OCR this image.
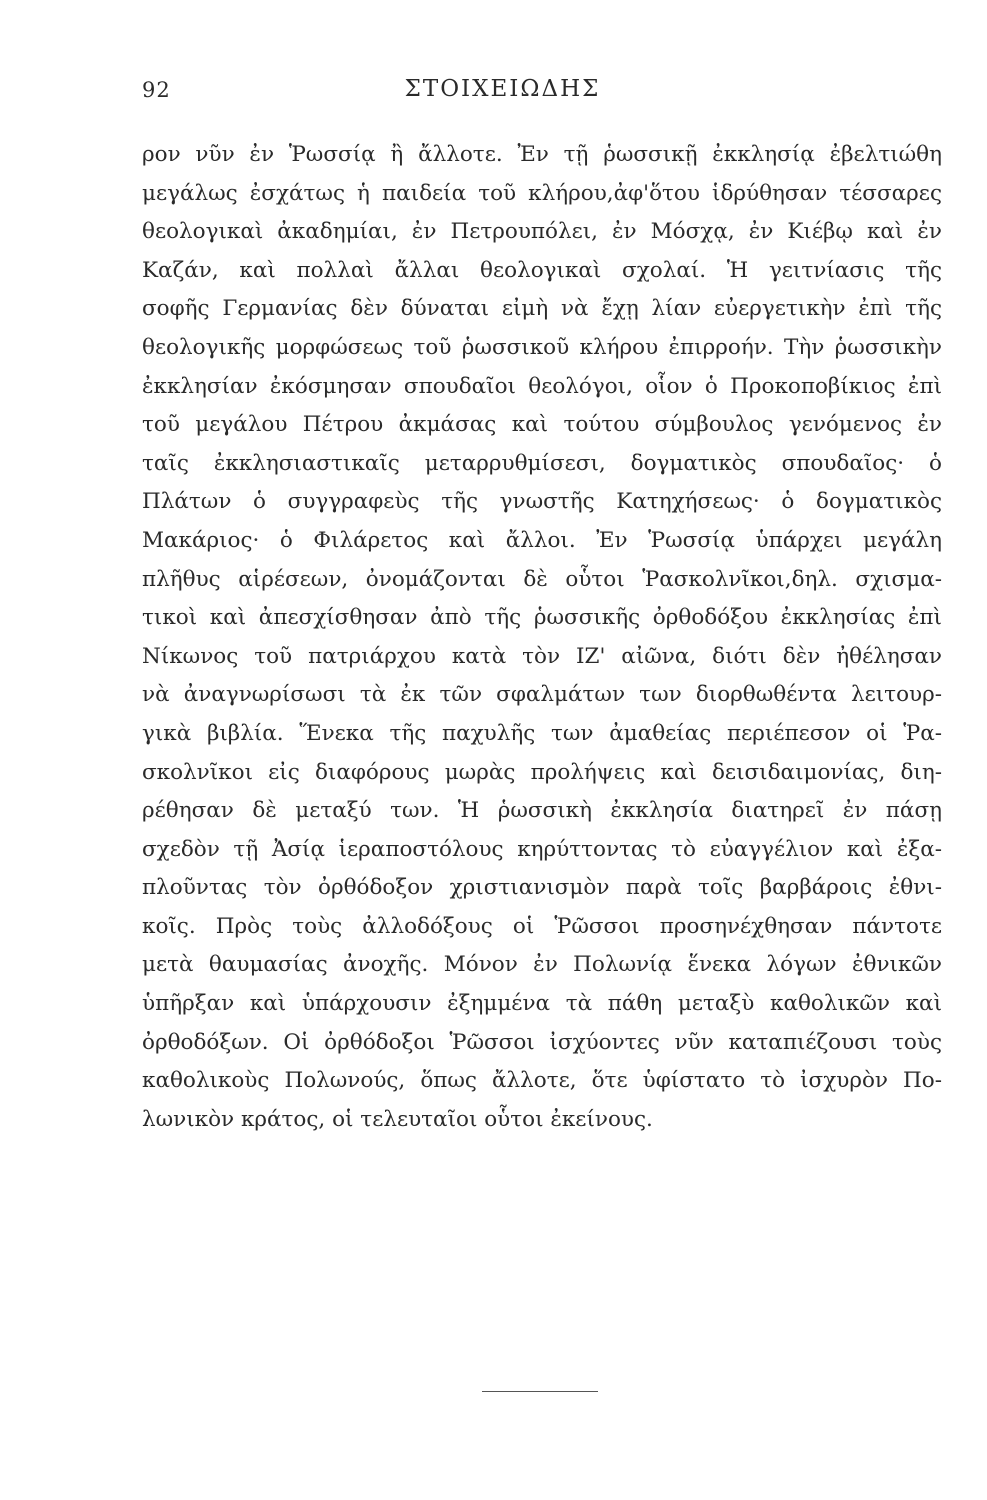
92	ΣΤΟΙΧΕΙΩΔΗΣ
ρον νῦν ἐν Ῥωσσίᾳ ἢ ἄλλοτε. Ἐν τῇ ῥωσσικῇ ἐκκλησίᾳ ἐβελτιώθη
μεγάλως ἐσχάτως ἡ παιδεία τοῦ κλήρου,ἀφ'ὅτου ἱδρύθησαν τέσσαρες
θεολογικαὶ ἀκαδημίαι, ἐν Πετρουπόλει, ἐν Μόσχᾳ, ἐν Κιέβῳ καὶ ἐν
Καζάν, καὶ πολλαὶ ἄλλαι θεολογικαὶ σχολαί. Ἡ γειτνίασις τῆς
σοφῆς Γερμανίας δὲν δύναται εἰμὴ νὰ ἔχῃ λίαν εὐεργετικὴν ἐπὶ τῆς
θεολογικῆς μορφώσεως τοῦ ῥωσσικοῦ κλήρου ἐπιρροήν. Τὴν ῥωσσικὴν
ἐκκλησίαν ἐκόσμησαν σπουδαῖοι θεολόγοι, οἷον ὁ Προκοποβίκιος ἐπὶ
τοῦ μεγάλου Πέτρου ἀκμάσας καὶ τούτου σύμβουλος γενόμενος ἐν
ταῖς ἐκκλησιαστικαῖς μεταρρυθμίσεσι, δογματικὸς σπουδαῖος· ὁ
Πλάτων ὁ συγγραφεὺς τῆς γνωστῆς Κατηχήσεως· ὁ δογματικὸς
Μακάριος· ὁ Φιλάρετος καὶ ἄλλοι. Ἐν Ῥωσσίᾳ ὑπάρχει μεγάλη
πλῆθυς αἱρέσεων, ὀνομάζονται δὲ οὗτοι Ῥασκολνῖκοι,δηλ. σχισμα-
τικοὶ καὶ ἀπεσχίσθησαν ἀπὸ τῆς ῥωσσικῆς ὀρθοδόξου ἐκκλησίας ἐπὶ
Νίκωνος τοῦ πατριάρχου κατὰ τὸν ΙΖ' αἰῶνα, διότι δὲν ἠθέλησαν
νὰ ἀναγνωρίσωσι τὰ ἐκ τῶν σφαλμάτων των διορθωθέντα λειτουρ-
γικὰ βιβλία. Ἕνεκα τῆς παχυλῆς των ἀμαθείας περιέπεσον οἱ Ῥα-
σκολνῖκοι εἰς διαφόρους μωρὰς προλήψεις καὶ δεισιδαιμονίας, διη-
ρέθησαν δὲ μεταξύ των. Ἡ ῥωσσικὴ ἐκκλησία διατηρεῖ ἐν πάσῃ
σχεδὸν τῇ Ἀσίᾳ ἱεραποστόλους κηρύττοντας τὸ εὐαγγέλιον καὶ ἐξα-
πλοῦντας τὸν ὀρθόδοξον χριστιανισμὸν παρὰ τοῖς βαρβάροις ἐθνι-
κοῖς. Πρὸς τοὺς ἀλλοδόξους οἱ Ῥῶσσοι προσηνέχθησαν πάντοτε
μετὰ θαυμασίας ἀνοχῆς. Μόνον ἐν Πολωνίᾳ ἕνεκα λόγων ἐθνικῶν
ὑπῆρξαν καὶ ὑπάρχουσιν ἐξημμένα τὰ πάθη μεταξὺ καθολικῶν καὶ
ὀρθοδόξων. Οἱ ὀρθόδοξοι Ῥῶσσοι ἰσχύοντες νῦν καταπιέζουσι τοὺς
καθολικοὺς Πολωνούς, ὅπως ἄλλοτε, ὅτε ὑφίστατο τὸ ἰσχυρὸν Πο-
λωνικὸν κράτος, οἱ τελευταῖοι οὗτοι ἐκείνους.
